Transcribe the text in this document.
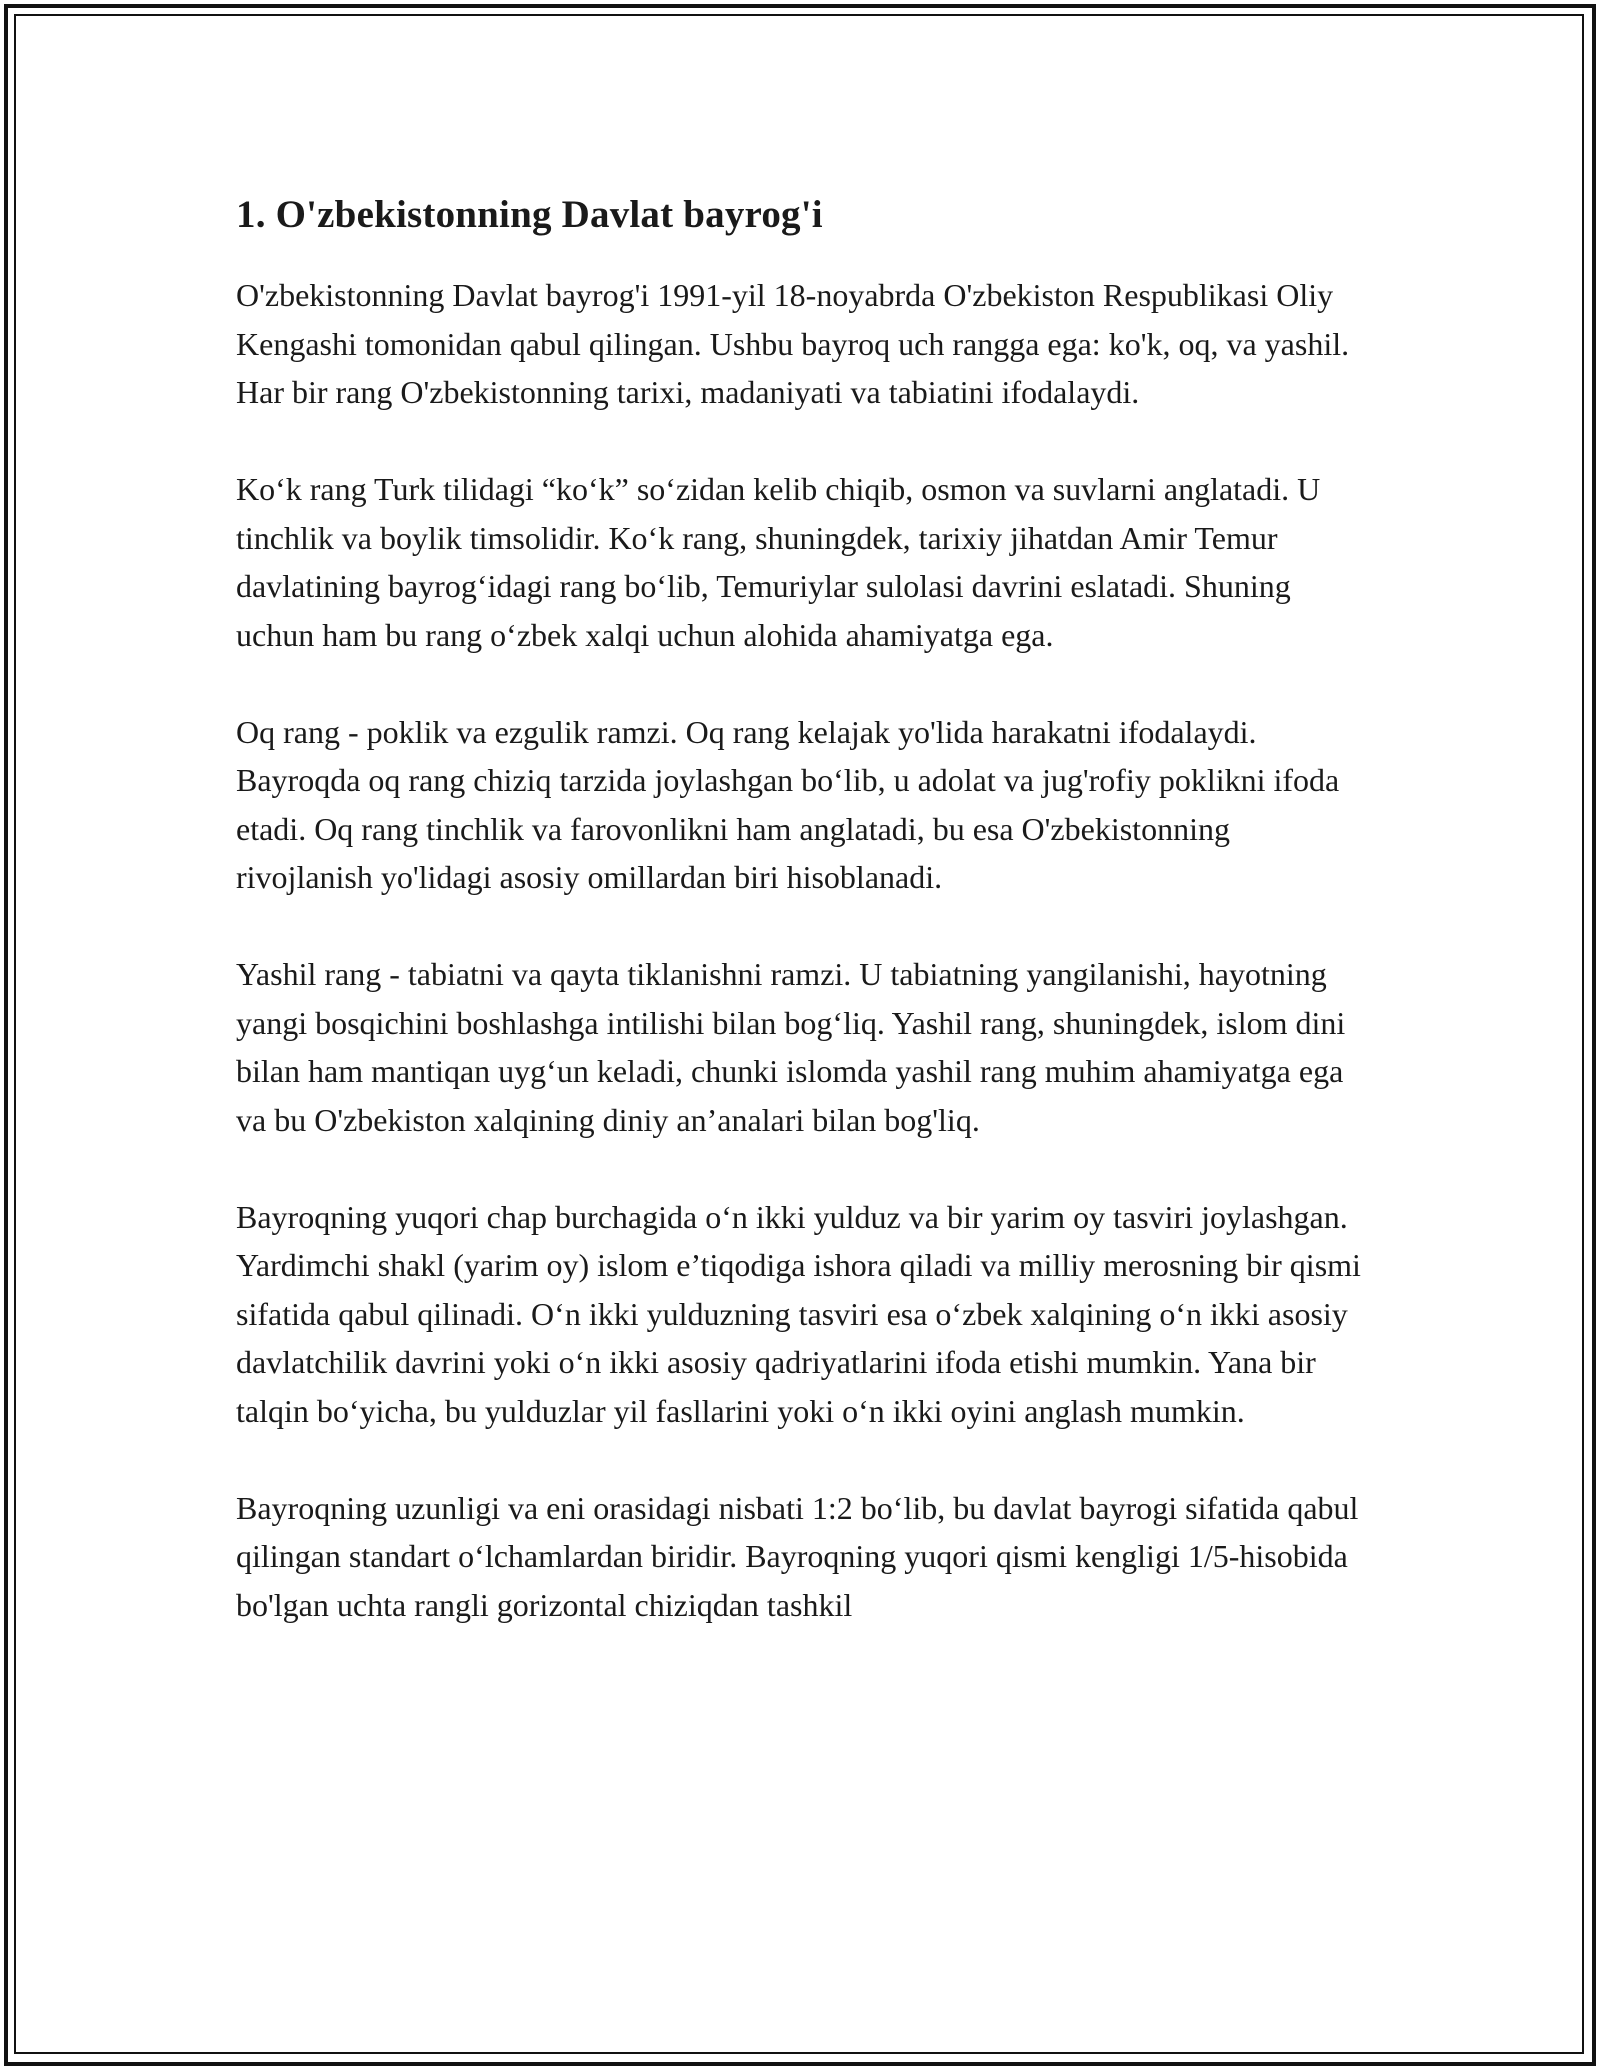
1. O'zbekistonning Davlat bayrog'i

O'zbekistonning Davlat bayrog'i 1991-yil 18-noyabrda O'zbekiston Respublikasi Oliy Kengashi tomonidan qabul qilingan. Ushbu bayroq uch rangga ega: ko'k, oq, va yashil. Har bir rang O'zbekistonning tarixi, madaniyati va tabiatini ifodalaydi.

Ko‘k rang Turk tilidagi “ko‘k” so‘zidan kelib chiqib, osmon va suvlarni anglatadi. U tinchlik va boylik timsolidir. Ko‘k rang, shuningdek, tarixiy jihatdan Amir Temur davlatining bayrog‘idagi rang bo‘lib, Temuriylar sulolasi davrini eslatadi. Shuning uchun ham bu rang o‘zbek xalqi uchun alohida ahamiyatga ega.

Oq rang - poklik va ezgulik ramzi. Oq rang kelajak yo'lida harakatni ifodalaydi. Bayroqda oq rang chiziq tarzida joylashgan bo‘lib, u adolat va jug'rofiy poklikni ifoda etadi. Oq rang tinchlik va farovonlikni ham anglatadi, bu esa O'zbekistonning rivojlanish yo'lidagi asosiy omillardan biri hisoblanadi.

Yashil rang - tabiatni va qayta tiklanishni ramzi. U tabiatning yangilanishi, hayotning yangi bosqichini boshlashga intilishi bilan bog‘liq. Yashil rang, shuningdek, islom dini bilan ham mantiqan uyg‘un keladi, chunki islomda yashil rang muhim ahamiyatga ega va bu O'zbekiston xalqining diniy an’analari bilan bog'liq.

Bayroqning yuqori chap burchagida o‘n ikki yulduz va bir yarim oy tasviri joylashgan. Yardimchi shakl (yarim oy) islom e’tiqodiga ishora qiladi va milliy merosning bir qismi sifatida qabul qilinadi. O‘n ikki yulduzning tasviri esa o‘zbek xalqining o‘n ikki asosiy davlatchilik davrini yoki o‘n ikki asosiy qadriyatlarini ifoda etishi mumkin. Yana bir talqin bo‘yicha, bu yulduzlar yil fasllarini yoki o‘n ikki oyini anglash mumkin.

Bayroqning uzunligi va eni orasidagi nisbati 1:2 bo‘lib, bu davlat bayrogi sifatida qabul qilingan standart o‘lchamlardan biridir. Bayroqning yuqori qismi kengligi 1/5-hisobida bo'lgan uchta rangli gorizontal chiziqdan tashkil
